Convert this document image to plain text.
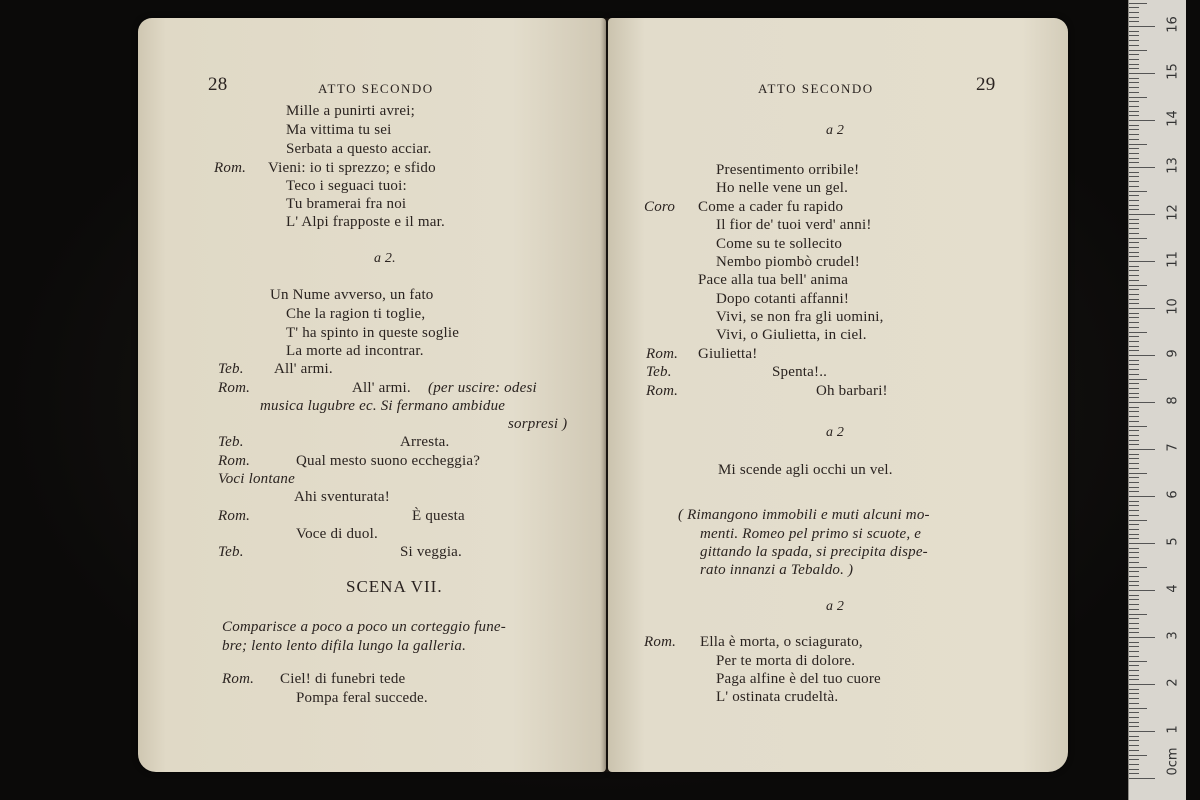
28	ATTO SECONDO
Mille a punirti avrei;
Ma vittima tu sei
Serbata a questo acciar.
Rom. Vieni: io ti sprezzo; e sfido
Teco i seguaci tuoi:
Tu bramerai fra noi
L' Alpi frapposte e il mar.
a 2.
Un Nume avverso, un fato
Che la ragion ti toglie,
T' ha spinto in queste soglie
La morte ad incontrar.
Teb. All' armi.
Rom.	All' armi. (per uscire: odesi
musica lugubre ec. Si fermano ambidue
sorpresi )
Teb.	Arresta.
Rom.	Qual mesto suono eccheggia?
Voci lontane
Ahi sventurata!
Rom.	È questa
Voce di duol.
Teb.	Si veggia.
SCENA VII.
Comparisce a poco a poco un corteggio fune-
bre; lento lento difila lungo la galleria.
Rom. Ciel! di funebri tede
Pompa feral succede.
ATTO SECONDO	29
a 2
Presentimento orribile!
Ho nelle vene un gel.
Coro Come a cader fu rapido
Il fior de' tuoi verd' anni!
Come su te sollecito
Nembo piombò crudel!
Pace alla tua bell' anima
Dopo cotanti affanni!
Vivi, se non fra gli uomini,
Vivi, o Giulietta, in ciel.
Rom. Giulietta!
Teb.	Spenta!..
Rom.	Oh barbari!
a 2
Mi scende agli occhi un vel.
( Rimangono immobili e muti alcuni mo-
menti. Romeo pel primo si scuote, e
gittando la spada, si precipita dispe-
rato innanzi a Tebaldo. )
a 2
Rom. Ella è morta, o sciagurato,
Per te morta di dolore.
Paga alfine è del tuo cuore
L' ostinata crudeltà.
0cm
1
2
3
4
5
6
7
8
9
10
11
12
13
14
15
16
